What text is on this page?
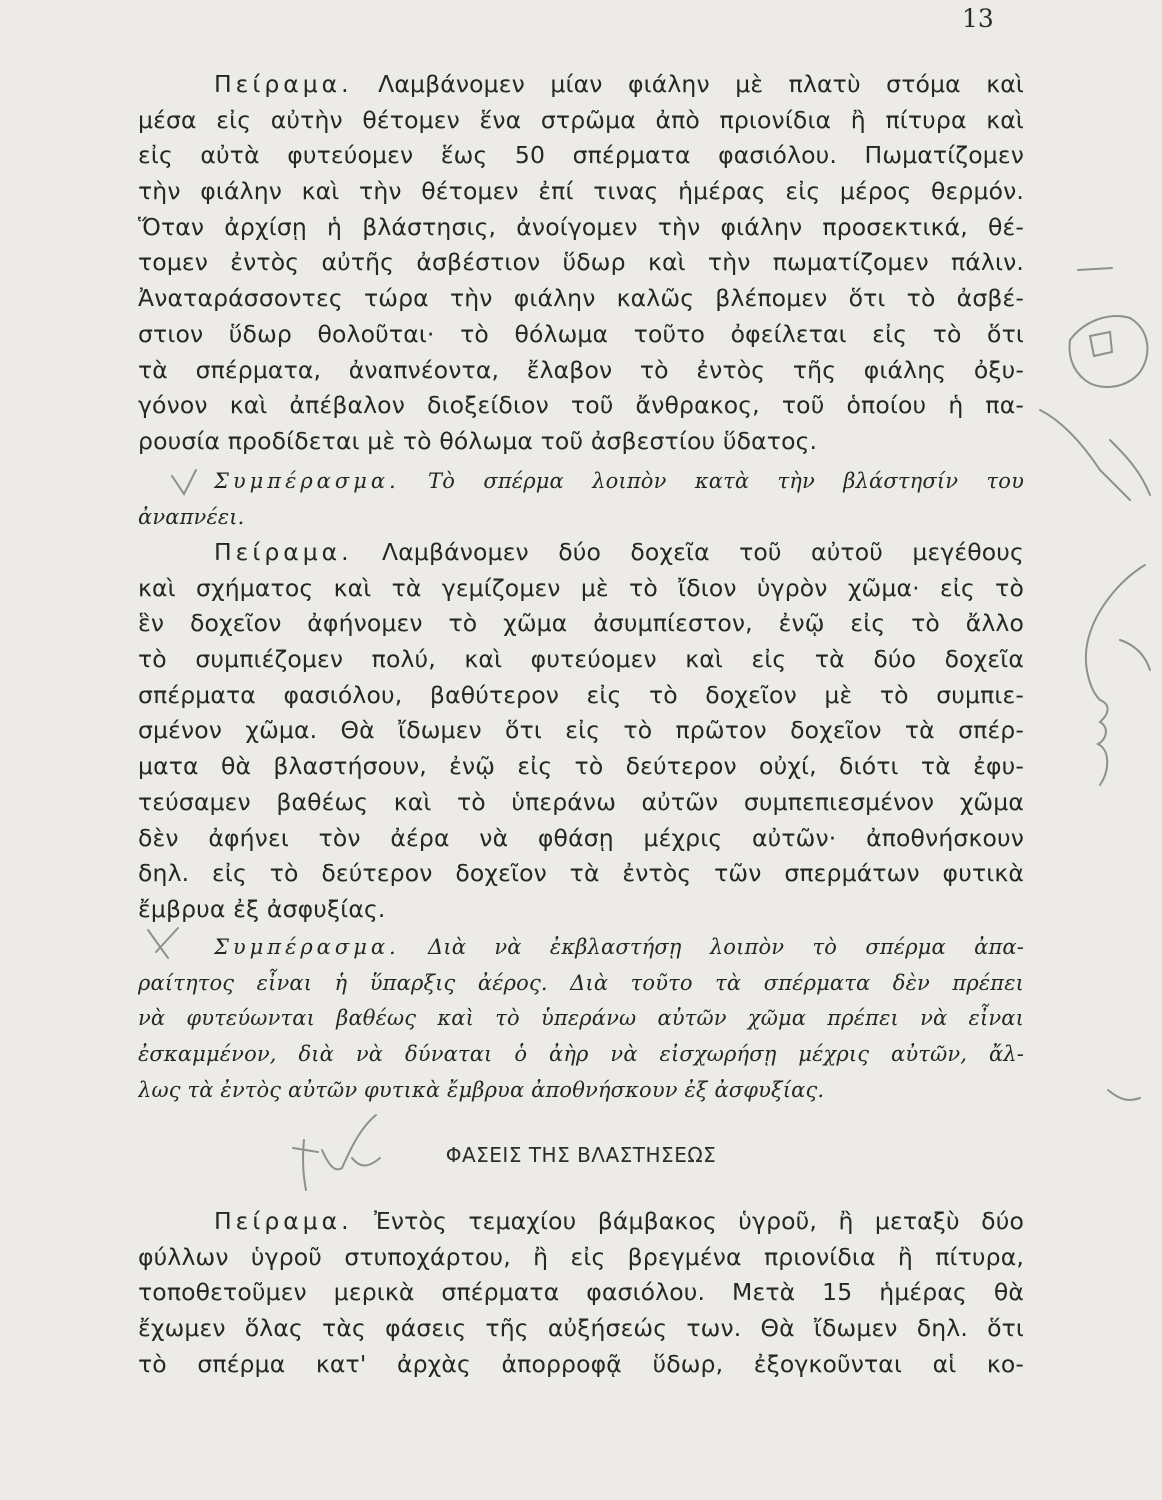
13
Πείραμα. Λαμβάνομεν μίαν φιάλην μὲ πλατὺ στόμα καὶ
μέσα εἰς αὐτὴν θέτομεν ἕνα στρῶμα ἀπὸ πριονίδια ἢ πίτυρα καὶ
εἰς αὐτὰ φυτεύομεν ἕως 50 σπέρματα φασιόλου. Πωματίζομεν
τὴν φιάλην καὶ τὴν θέτομεν ἐπί τινας ἡμέρας εἰς μέρος θερμόν.
Ὅταν ἀρχίσῃ ἡ βλάστησις, ἀνοίγομεν τὴν φιάλην προσεκτικά, θέ-
τομεν ἐντὸς αὐτῆς ἀσβέστιον ὕδωρ καὶ τὴν πωματίζομεν πάλιν.
Ἀναταράσσοντες τώρα τὴν φιάλην καλῶς βλέπομεν ὅτι τὸ ἀσβέ-
στιον ὕδωρ θολοῦται· τὸ θόλωμα τοῦτο ὀφείλεται εἰς τὸ ὅτι
τὰ σπέρματα, ἀναπνέοντα, ἔλαβον τὸ ἐντὸς τῆς φιάλης ὀξυ-
γόνον καὶ ἀπέβαλον διοξείδιον τοῦ ἄνθρακος, τοῦ ὁποίου ἡ πα-
ρουσία προδίδεται μὲ τὸ θόλωμα τοῦ ἀσβεστίου ὕδατος.
Συμπέρασμα. Τὸ σπέρμα λοιπὸν κατὰ τὴν βλάστησίν του
ἀναπνέει.
Πείραμα. Λαμβάνομεν δύο δοχεῖα τοῦ αὐτοῦ μεγέθους
καὶ σχήματος καὶ τὰ γεμίζομεν μὲ τὸ ἴδιον ὑγρὸν χῶμα· εἰς τὸ
ἓν δοχεῖον ἀφήνομεν τὸ χῶμα ἀσυμπίεστον, ἐνῷ εἰς τὸ ἄλλο
τὸ συμπιέζομεν πολύ, καὶ φυτεύομεν καὶ εἰς τὰ δύο δοχεῖα
σπέρματα φασιόλου, βαθύτερον εἰς τὸ δοχεῖον μὲ τὸ συμπιε-
σμένον χῶμα. Θὰ ἴδωμεν ὅτι εἰς τὸ πρῶτον δοχεῖον τὰ σπέρ-
ματα θὰ βλαστήσουν, ἐνῷ εἰς τὸ δεύτερον οὐχί, διότι τὰ ἐφυ-
τεύσαμεν βαθέως καὶ τὸ ὑπεράνω αὐτῶν συμπεπιεσμένον χῶμα
δὲν ἀφήνει τὸν ἀέρα νὰ φθάσῃ μέχρις αὐτῶν· ἀποθνήσκουν
δηλ. εἰς τὸ δεύτερον δοχεῖον τὰ ἐντὸς τῶν σπερμάτων φυτικὰ
ἔμβρυα ἐξ ἀσφυξίας.
Συμπέρασμα. Διὰ νὰ ἐκβλαστήσῃ λοιπὸν τὸ σπέρμα ἀπα-
ραίτητος εἶναι ἡ ὕπαρξις ἀέρος. Διὰ τοῦτο τὰ σπέρματα δὲν πρέπει
νὰ φυτεύωνται βαθέως καὶ τὸ ὑπεράνω αὐτῶν χῶμα πρέπει νὰ εἶναι
ἐσκαμμένον, διὰ νὰ δύναται ὁ ἀὴρ νὰ εἰσχωρήσῃ μέχρις αὐτῶν, ἄλ-
λως τὰ ἐντὸς αὐτῶν φυτικὰ ἔμβρυα ἀποθνήσκουν ἐξ ἀσφυξίας.
ΦΑΣΕΙΣ ΤΗΣ ΒΛΑΣΤΗΣΕΩΣ
Πείραμα. Ἐντὸς τεμαχίου βάμβακος ὑγροῦ, ἢ μεταξὺ δύο
φύλλων ὑγροῦ στυποχάρτου, ἢ εἰς βρεγμένα πριονίδια ἢ πίτυρα,
τοποθετοῦμεν μερικὰ σπέρματα φασιόλου. Μετὰ 15 ἡμέρας θὰ
ἔχωμεν ὅλας τὰς φάσεις τῆς αὐξήσεώς των. Θὰ ἴδωμεν δηλ. ὅτι
τὸ σπέρμα κατ' ἀρχὰς ἀπορροφᾷ ὕδωρ, ἐξογκοῦνται αἱ κο-
